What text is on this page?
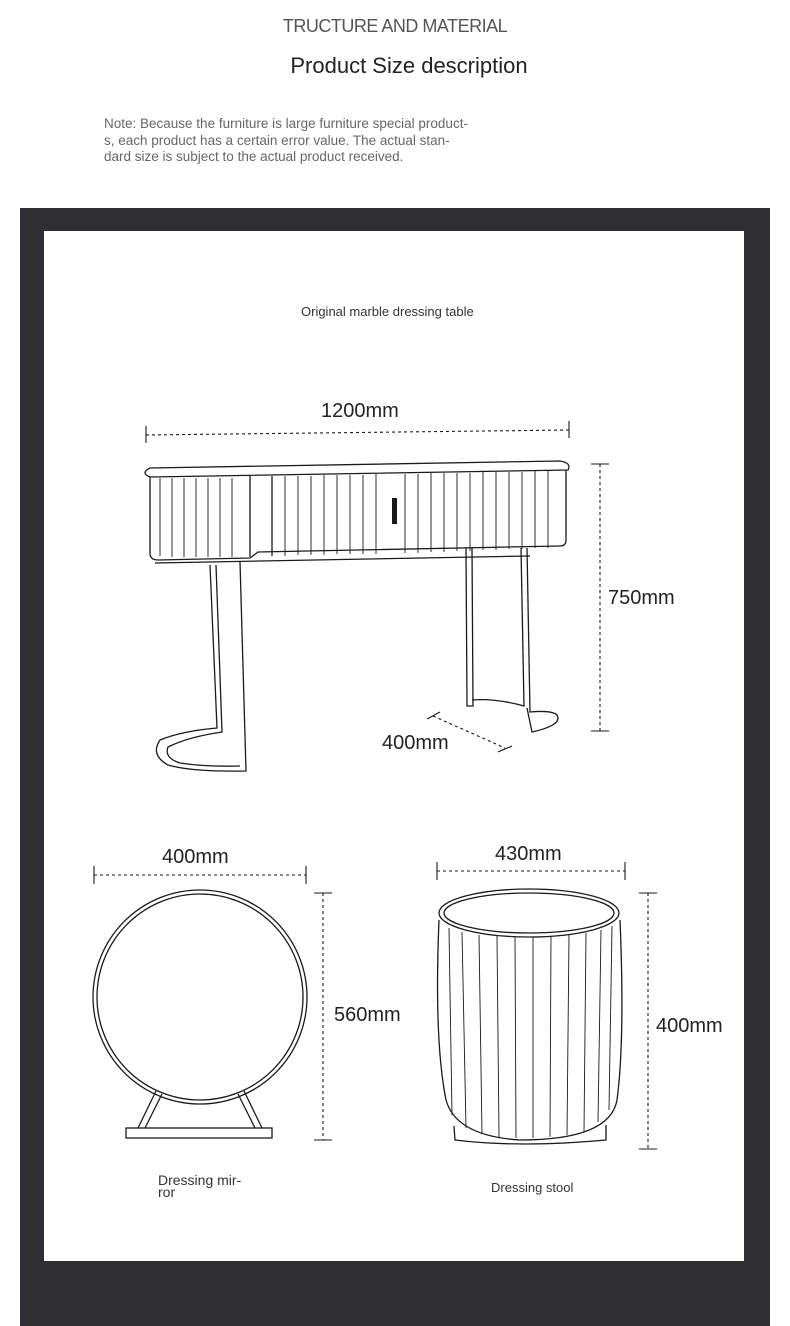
TRUCTURE AND MATERIAL
Product Size description
Note: Because the furniture is large furniture special product-
s, each product has a certain error value. The actual stan-
dard size is subject to the actual product received.
Original marble dressing table
1200mm
750mm
400mm
400mm
560mm
Dressing mir-
ror
430mm
400mm
Dressing stool
